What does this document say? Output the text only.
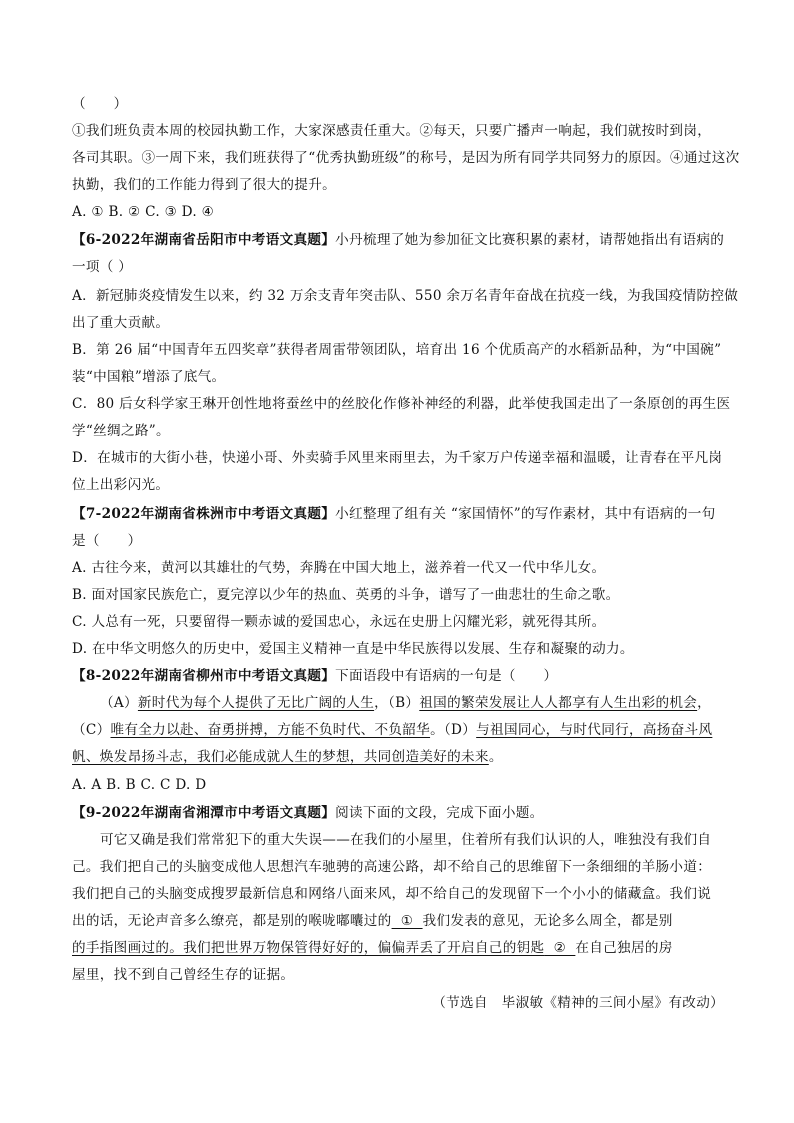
（　　）
①我们班负责本周的校园执勤工作，大家深感责任重大。②每天，只要广播声一响起，我们就按时到岗，
各司其职。③一周下来，我们班获得了“优秀执勤班级”的称号，是因为所有同学共同努力的原因。④通过这次
执勤，我们的工作能力得到了很大的提升。
A. ① B. ② C. ③ D. ④
【6-2022年湖南省岳阳市中考语文真题】小丹梳理了她为参加征文比赛积累的素材，请帮她指出有语病的
一项（ ）
A．新冠肺炎疫情发生以来，约 32 万余支青年突击队、550 余万名青年奋战在抗疫一线，为我国疫情防控做
出了重大贡献。
B．第 26 届“中国青年五四奖章”获得者周雷带领团队，培育出 16 个优质高产的水稻新品种，为“中国碗”
装“中国粮”增添了底气。
C．80 后女科学家王琳开创性地将蚕丝中的丝胶化作修补神经的利器，此举使我国走出了一条原创的再生医
学“丝绸之路”。
D．在城市的大街小巷，快递小哥、外卖骑手风里来雨里去，为千家万户传递幸福和温暖，让青春在平凡岗
位上出彩闪光。
【7-2022年湖南省株洲市中考语文真题】小红整理了组有关 “家国情怀”的写作素材，其中有语病的一句
是（　　）
A. 古往今来，黄河以其雄壮的气势，奔腾在中国大地上，滋养着一代又一代中华儿女。
B. 面对国家民族危亡，夏完淳以少年的热血、英勇的斗争，谱写了一曲悲壮的生命之歌。
C. 人总有一死，只要留得一颗赤诚的爱国忠心，永远在史册上闪耀光彩，就死得其所。
D. 在中华文明悠久的历史中，爱国主义精神一直是中华民族得以发展、生存和凝聚的动力。
【8-2022年湖南省柳州市中考语文真题】下面语段中有语病的一句是（　　）
（A）新时代为每个人提供了无比广阔的人生，（B）祖国的繁荣发展让人人都享有人生出彩的机会，
（C）唯有全力以赴、奋勇拼搏，方能不负时代、不负韶华。（D）与祖国同心，与时代同行，高扬奋斗风
帆、焕发昂扬斗志，我们必能成就人生的梦想，共同创造美好的未来。
A. A B. B C. C D. D
【9-2022年湖南省湘潭市中考语文真题】阅读下面的文段，完成下面小题。
可它又确是我们常常犯下的重大失误——在我们的小屋里，住着所有我们认识的人，唯独没有我们自
己。我们把自己的头脑变成他人思想汽车驰骋的高速公路，却不给自己的思维留下一条细细的羊肠小道：
我们把自己的头脑变成搜罗最新信息和网络八面来风，却不给自己的发现留下一个小小的储藏盒。我们说
出的话，无论声音多么缭亮，都是别的喉咙嘟囔过的  ①  我们发表的意见，无论多么周全，都是别
的手指图画过的。我们把世界万物保管得好好的，偏偏弄丢了开启自己的钥匙  ②  在自己独居的房
屋里，找不到自己曾经生存的证据。
（节选自　毕淑敏《精神的三间小屋》有改动）
